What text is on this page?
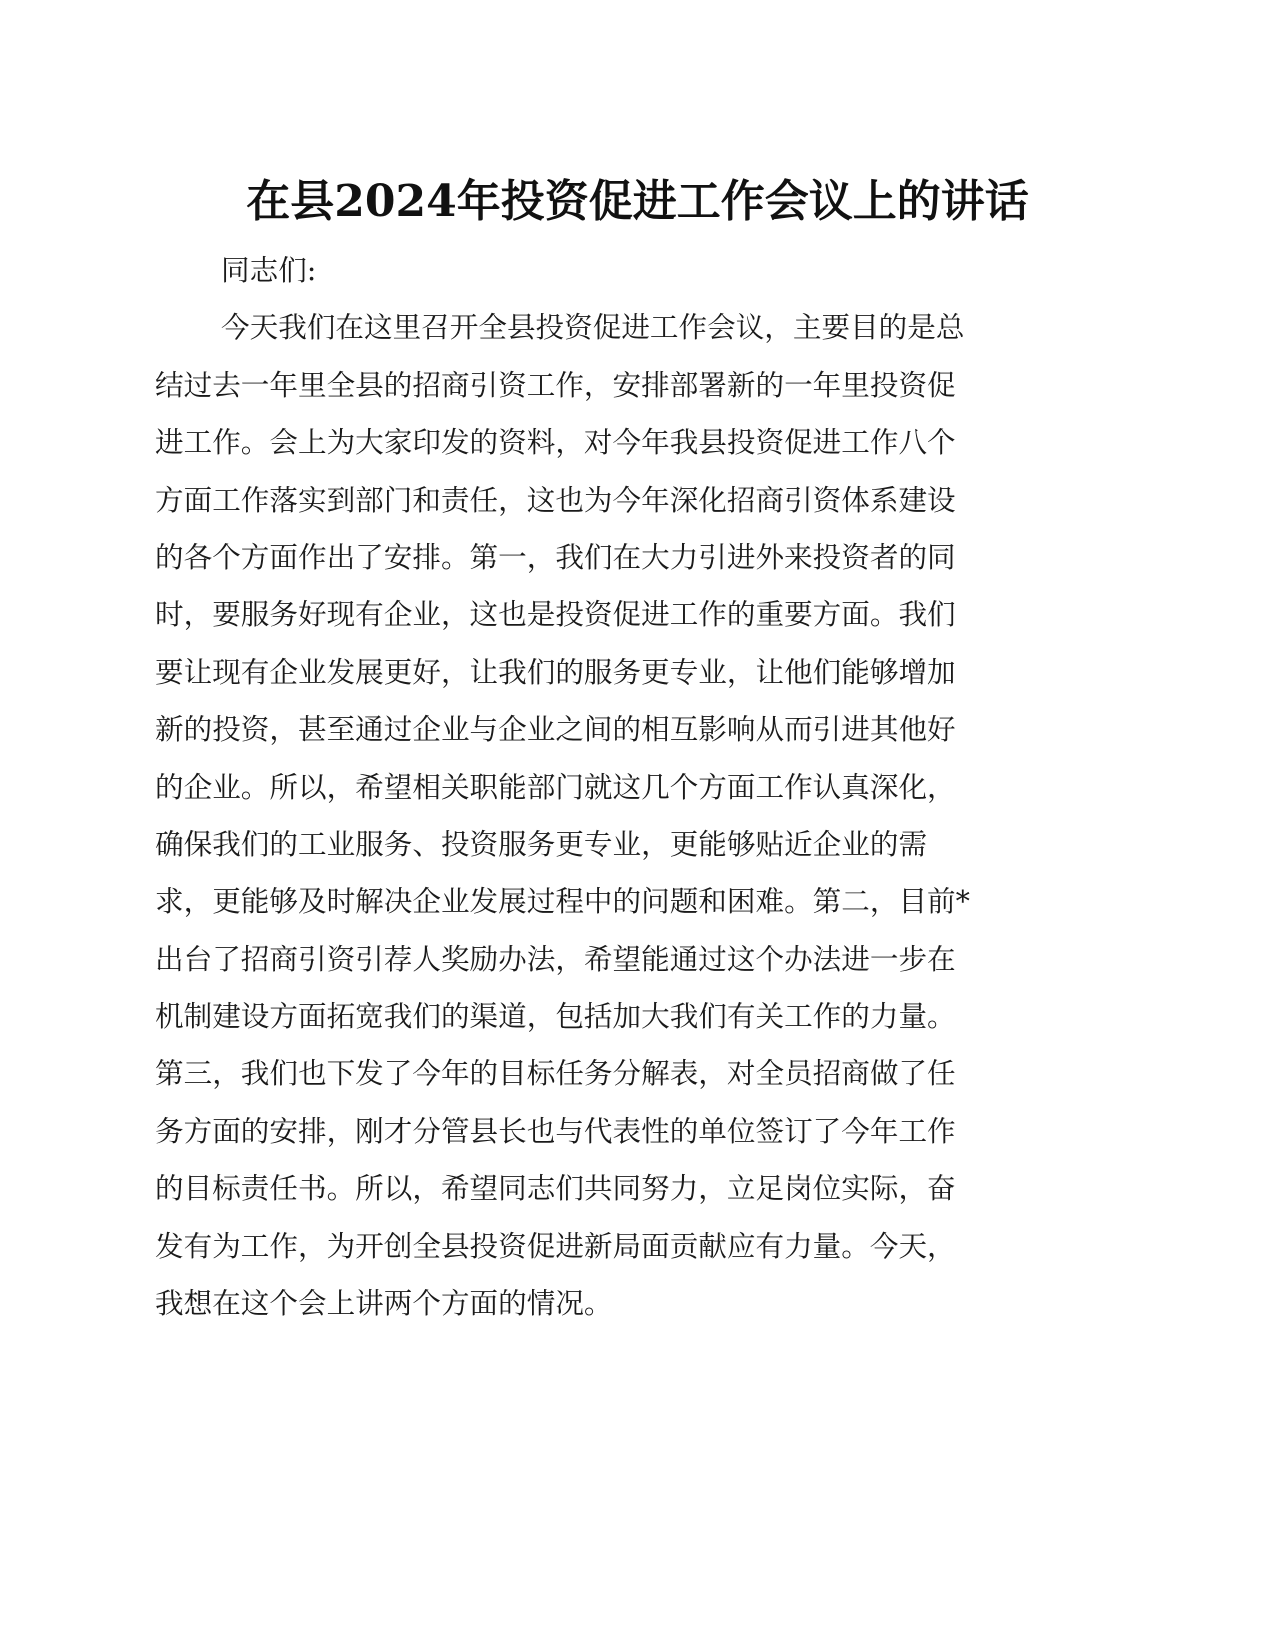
在县2024年投资促进工作会议上的讲话
同志们:
今天我们在这里召开全县投资促进工作会议，主要目的是总
结过去一年里全县的招商引资工作，安排部署新的一年里投资促
进工作。会上为大家印发的资料，对今年我县投资促进工作八个
方面工作落实到部门和责任，这也为今年深化招商引资体系建设
的各个方面作出了安排。第一，我们在大力引进外来投资者的同
时，要服务好现有企业，这也是投资促进工作的重要方面。我们
要让现有企业发展更好，让我们的服务更专业，让他们能够增加
新的投资，甚至通过企业与企业之间的相互影响从而引进其他好
的企业。所以，希望相关职能部门就这几个方面工作认真深化，
确保我们的工业服务、投资服务更专业，更能够贴近企业的需
求，更能够及时解决企业发展过程中的问题和困难。第二，目前*
出台了招商引资引荐人奖励办法，希望能通过这个办法进一步在
机制建设方面拓宽我们的渠道，包括加大我们有关工作的力量。
第三，我们也下发了今年的目标任务分解表，对全员招商做了任
务方面的安排，刚才分管县长也与代表性的单位签订了今年工作
的目标责任书。所以，希望同志们共同努力，立足岗位实际，奋
发有为工作，为开创全县投资促进新局面贡献应有力量。今天，
我想在这个会上讲两个方面的情况。
